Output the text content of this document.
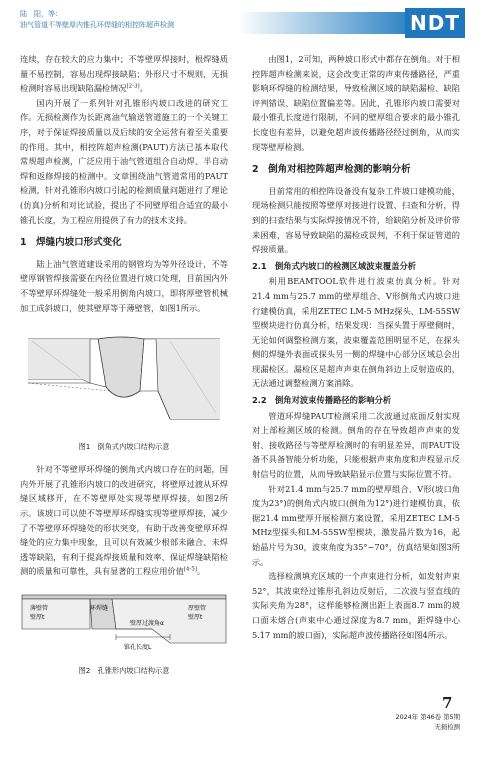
陆　阳，等：
油气管道不等壁厚内锥孔环焊缝的相控阵超声检测	NDT

连续，存在较大的应力集中；不等壁厚焊接时，根焊缝质量不易控制，容易出现焊接缺陷；外形尺寸不规则，无损检测时容易出现缺陷漏检情况[2-3]。

国内开展了一系列针对孔锥形内坡口改进的研究工作。无损检测作为长距离油气输送管道施工的一个关键工序，对于保证焊接质量以及后续的安全运营有着至关重要的作用。其中，相控阵超声检测(PAUT)方法已基本取代常规超声检测，广泛应用于油气管道组合自动焊、半自动焊和返修焊接的检测中。文章围绕油气管道常用的PAUT检测，针对孔锥形内坡口引起的检测质量问题进行了理论(仿真)分析和对比试验，提出了不同壁厚组合适宜的最小锥孔长度，为工程应用提供了有力的技术支持。

1　焊缝内坡口形式变化

陆上油气管道建设采用的钢管均为等外径设计，不等壁厚钢管焊接需要在内径位置进行坡口处理，目前国内外不等壁厚环焊缝处一般采用倒角内坡口，即将厚壁管机械加工成斜坡口，使其壁厚等于薄壁管，如图1所示。

图1　倒角式内坡口结构示意

针对不等壁厚环焊缝的倒角式内坡口存在的问题，国内外开展了孔锥形内坡口的改进研究，将壁厚过渡从环焊缝区域移开，在不等壁厚处实现等壁厚焊接，如图2所示。该坡口可以使不等壁厚环焊缝实现等壁厚焊接，减少了不等壁厚环焊缝处的形状突变，有助于改善变壁厚环焊缝处的应力集中现象，且可以有效减少根部未融合、未焊透等缺陷，有利于提高焊接质量和效率、保证焊缝缺陷检测的质量和可靠性，具有显著的工程应用价值[4-5]。

薄壁管
壁厚t
环焊缝	厚壁管
壁厚t
壁厚过渡角α
锥孔长度L
图2　孔锥形内坡口结构示意

由图1，2可知，两种坡口形式中都存在倒角。对于相控阵超声检测来说，这会改变正常的声束传播路径，严重影响环焊缝的检测结果，导致检测区域的缺陷漏检、缺陷评判错误、缺陷位置偏差等。因此，孔锥形内坡口需要对最小锥孔长度进行限制，不同的壁厚组合要求的最小锥孔长度也有差异，以避免超声波传播路径经过倒角，从而实现等壁厚检测。

2　倒角对相控阵超声检测的影响分析

目前常用的相控阵设备没有复杂工件坡口建模功能，现场检测只能按照等壁厚对接进行设置、扫查和分析，得到的扫查结果与实际焊接情况不符，给缺陷分析及评价带来困难，容易导致缺陷的漏检或误判，不利于保证管道的焊接质量。

2.1　倒角式内坡口的检测区域波束覆盖分析

利用BEAMTOOL软件进行波束仿真分析。针对21.4 mm与25.7 mm的壁厚组合、V形倒角式内坡口进行建模仿真，采用ZETEC LM-5 MHz探头、LM-55SW型楔块进行仿真分析，结果发现：当探头置于厚壁侧时，无论如何调整检测方案，波束覆盖范围明显不足，在探头侧的焊缝外表面或探头另一侧的焊缝中心部分区域总会出现漏检区。漏检区是超声声束在倒角斜边上反射造成的，无法通过调整检测方案消除。

2.2　倒角对波束传播路径的影响分析

管道环焊缝PAUT检测采用二次波通过底面反射实现对上部检测区域的检测。倒角的存在导致超声声束的发射、接收路径与等壁厚检测时的有明显差异，而PAUT设备不具备智能分析功能，只能根据声束角度和声程显示反射信号的位置，从而导致缺陷显示位置与实际位置不符。

针对21.4 mm与25.7 mm的壁厚组合、V形(坡口角度为23°)的倒角式内坡口(倒角为12°)进行建模仿真，依据21.4 mm壁厚开展检测方案设置，采用ZETEC LM-5 MHz型探头和LM-55SW型楔块，激发晶片数为16，起始晶片号为30，波束角度为35°~70°，仿真结果如图3所示。

选择检测填充区域的一个声束进行分析，如发射声束52°，其波束经过锥形孔斜边反射后，二次波与竖直线的实际夹角为28°，这样能够检测出距上表面8.7 mm的坡口面未熔合(声束中心通过深度为8.7 mm，距焊缝中心5.17 mm的坡口面)，实际超声波传播路径如图4所示。

7
2024年 第46卷 第5期
无损检测
